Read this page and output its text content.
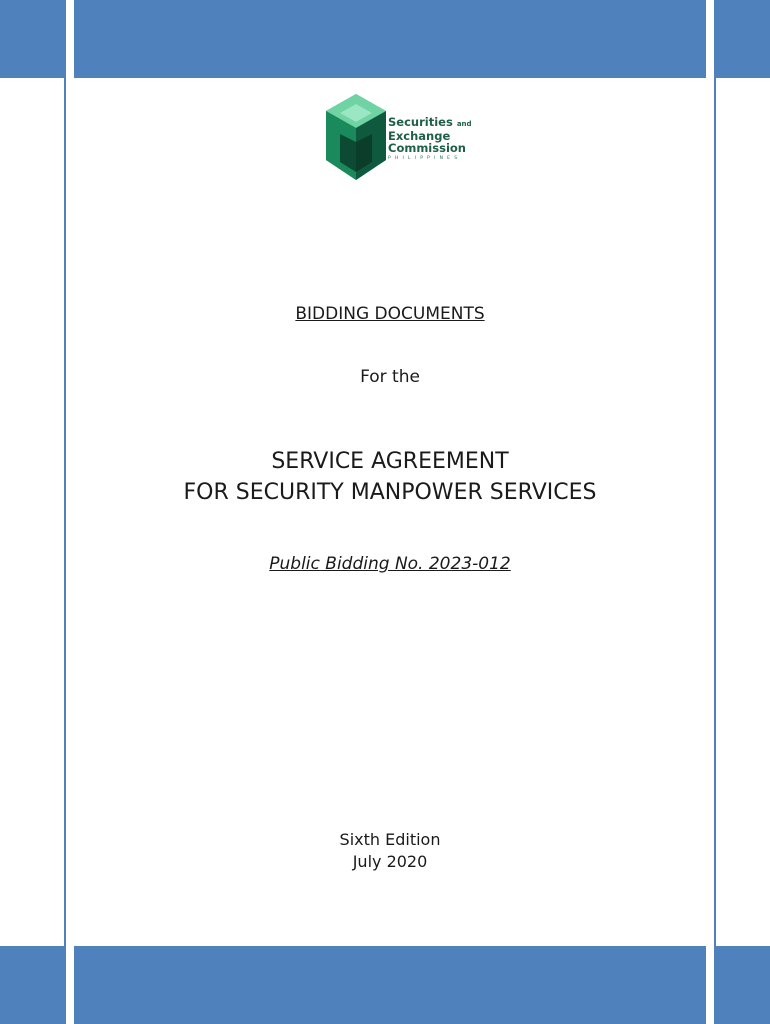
Securities and
Exchange
Commission
PHILIPPINES
BIDDING DOCUMENTS
For the
SERVICE AGREEMENT
FOR SECURITY MANPOWER SERVICES
Public Bidding No. 2023-012
Sixth Edition
July 2020
